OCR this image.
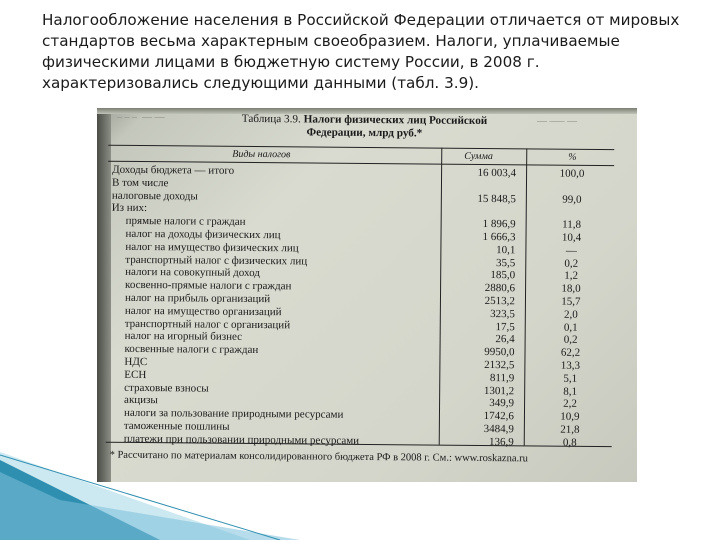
Налогообложение населения в Российской Федерации отличается от мировых стандартов весьма характерным своеобразием. Налоги, уплачиваемые физическими лицами в бюджетную систему России, в 2008 г. характеризовались следующими данными (табл. 3.9).
– – –  –– ––	–– ––– ––
Таблица 3.9. Налоги физических лиц Российской Федерации, млрд руб.*
Виды налогов	Сумма	%
Доходы бюджета — итого	16 003,4	100,0
В том числе
налоговые доходы	15 848,5	99,0
Из них:
прямые налоги с граждан	1 896,9	11,8
налог на доходы физических лиц	1 666,3	10,4
налог на имущество физических лиц	10,1	—
транспортный налог с физических лиц	35,5	0,2
налоги на совокупный доход	185,0	1,2
косвенно-прямые налоги с граждан	2880,6	18,0
налог на прибыль организаций	2513,2	15,7
налог на имущество организаций	323,5	2,0
транспортный налог с организаций	17,5	0,1
налог на игорный бизнес	26,4	0,2
косвенные налоги с граждан	9950,0	62,2
НДС	2132,5	13,3
ЕСН	811,9	5,1
страховые взносы	1301,2	8,1
акцизы	349,9	2,2
налоги за пользование природными ресурсами	1742,6	10,9
таможенные пошлины	3484,9	21,8
платежи при пользовании природными ресурсами	136,9	0,8
* Рассчитано по материалам консолидированного бюджета РФ в 2008 г. См.: www.roskazna.ru
